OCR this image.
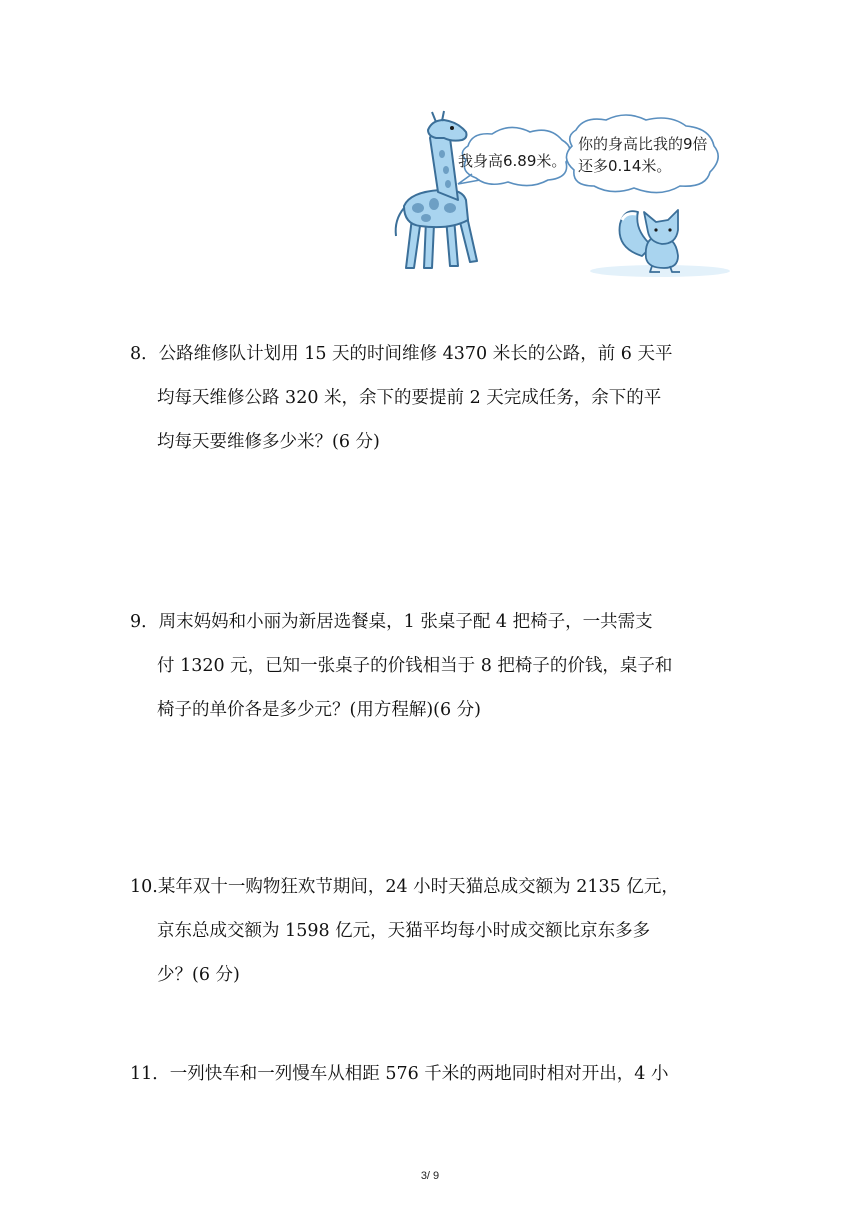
我身高6.89米。
你的身高比我的9倍还多0.14米。
8．公路维修队计划用 15 天的时间维修 4370 米长的公路，前 6 天平
均每天维修公路 320 米，余下的要提前 2 天完成任务，余下的平
均每天要维修多少米？(6 分)
9．周末妈妈和小丽为新居选餐桌，1 张桌子配 4 把椅子，一共需支
付 1320 元，已知一张桌子的价钱相当于 8 把椅子的价钱，桌子和
椅子的单价各是多少元？(用方程解)(6 分)
10.某年双十一购物狂欢节期间，24 小时天猫总成交额为 2135 亿元，
京东总成交额为 1598 亿元，天猫平均每小时成交额比京东多多
少？(6 分)
11．一列快车和一列慢车从相距 576 千米的两地同时相对开出，4 小
3/ 9
